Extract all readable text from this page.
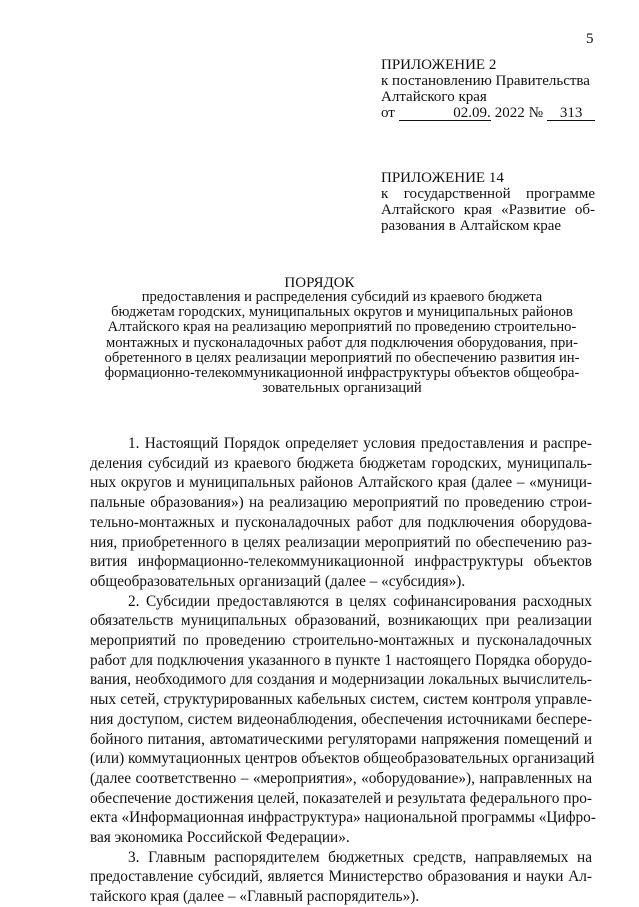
5
ПРИЛОЖЕНИЕ 2
к постановлению Правительства
Алтайского края
от	02.09. 2022 №	313
ПРИЛОЖЕНИЕ 14
к государственной программе
Алтайского края «Развитие об-
разования в Алтайском крае
ПОРЯДОК
предоставления и распределения субсидий из краевого бюджета
бюджетам городских, муниципальных округов и муниципальных районов
Алтайского края на реализацию мероприятий по проведению строительно-
монтажных и пусконаладочных работ для подключения оборудования, при-
обретенного в целях реализации мероприятий по обеспечению развития ин-
формационно-телекоммуникационной инфраструктуры объектов общеобра-
зовательных организаций

1. Настоящий Порядок определяет условия предоставления и распре-
деления субсидий из краевого бюджета бюджетам городских, муниципаль-
ных округов и муниципальных районов Алтайского края (далее – «муници-
пальные образования») на реализацию мероприятий по проведению строи-
тельно-монтажных и пусконаладочных работ для подключения оборудова-
ния, приобретенного в целях реализации мероприятий по обеспечению раз-
вития информационно-телекоммуникационной инфраструктуры объектов
общеобразовательных организаций (далее – «субсидия»).

2. Субсидии предоставляются в целях софинансирования расходных
обязательств муниципальных образований, возникающих при реализации
мероприятий по проведению строительно-монтажных и пусконаладочных
работ для подключения указанного в пункте 1 настоящего Порядка оборудо-
вания, необходимого для создания и модернизации локальных вычислитель-
ных сетей, структурированных кабельных систем, систем контроля управле-
ния доступом, систем видеонаблюдения, обеспечения источниками беспере-
бойного питания, автоматическими регуляторами напряжения помещений и
(или) коммутационных центров объектов общеобразовательных организаций
(далее соответственно – «мероприятия», «оборудование»), направленных на
обеспечение достижения целей, показателей и результата федерального про-
екта «Информационная инфраструктура» национальной программы «Цифро-
вая экономика Российской Федерации».

3. Главным распорядителем бюджетных средств, направляемых на
предоставление субсидий, является Министерство образования и науки Ал-
тайского края (далее – «Главный распорядитель»).
